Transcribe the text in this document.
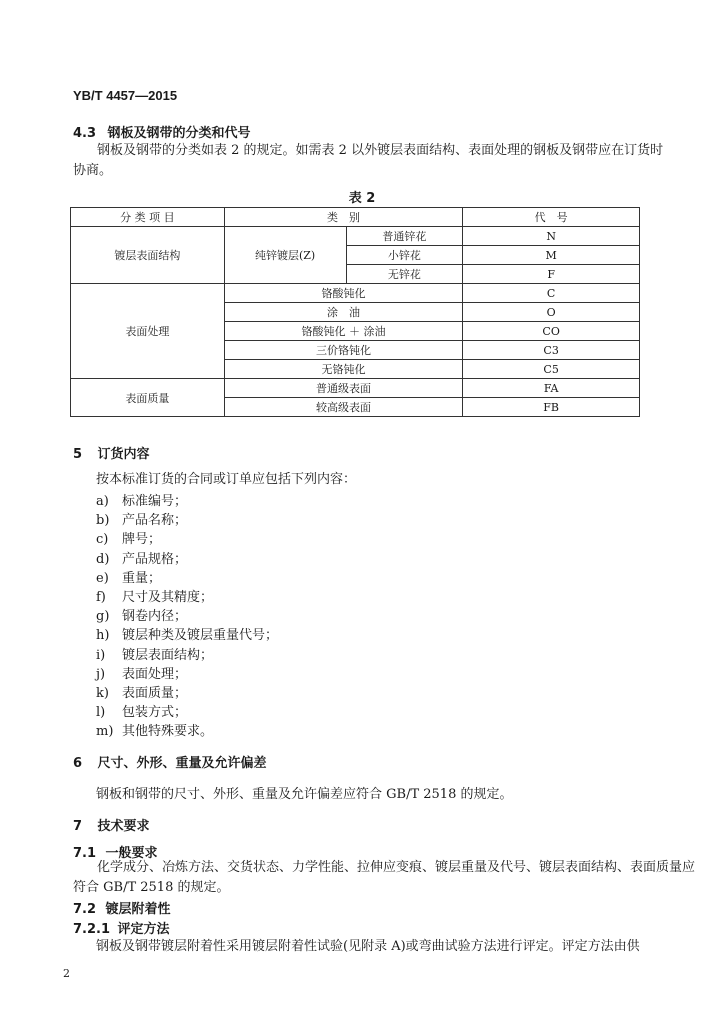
YB/T 4457—2015
4.3 钢板及钢带的分类和代号
钢板及钢带的分类如表 2 的规定。如需表 2 以外镀层表面结构、表面处理的钢板及钢带应在订货时
协商。
表 2
分 类 项 目	类　别		代　号
镀层表面结构	纯锌镀层(Z)	普通锌花	N
		小锌花	M
		无锌花	F
表面处理	铬酸钝化		C
	涂　油		O
	铬酸钝化 ＋ 涂油		CO
	三价铬钝化		C3
	无铬钝化		C5
表面质量	普通级表面		FA
	较高级表面		FB
5 订货内容
按本标准订货的合同或订单应包括下列内容：
a) 标准编号；
b) 产品名称；
c) 牌号；
d) 产品规格；
e) 重量；
f) 尺寸及其精度；
g) 钢卷内径；
h) 镀层种类及镀层重量代号；
i) 镀层表面结构；
j) 表面处理；
k) 表面质量；
l) 包装方式；
m) 其他特殊要求。
6 尺寸、外形、重量及允许偏差
钢板和钢带的尺寸、外形、重量及允许偏差应符合 GB/T 2518 的规定。
7 技术要求
7.1 一般要求
化学成分、冶炼方法、交货状态、力学性能、拉伸应变痕、镀层重量及代号、镀层表面结构、表面质量应
符合 GB/T 2518 的规定。
7.2 镀层附着性
7.2.1 评定方法
钢板及钢带镀层附着性采用镀层附着性试验(见附录 A)或弯曲试验方法进行评定。评定方法由供
2
